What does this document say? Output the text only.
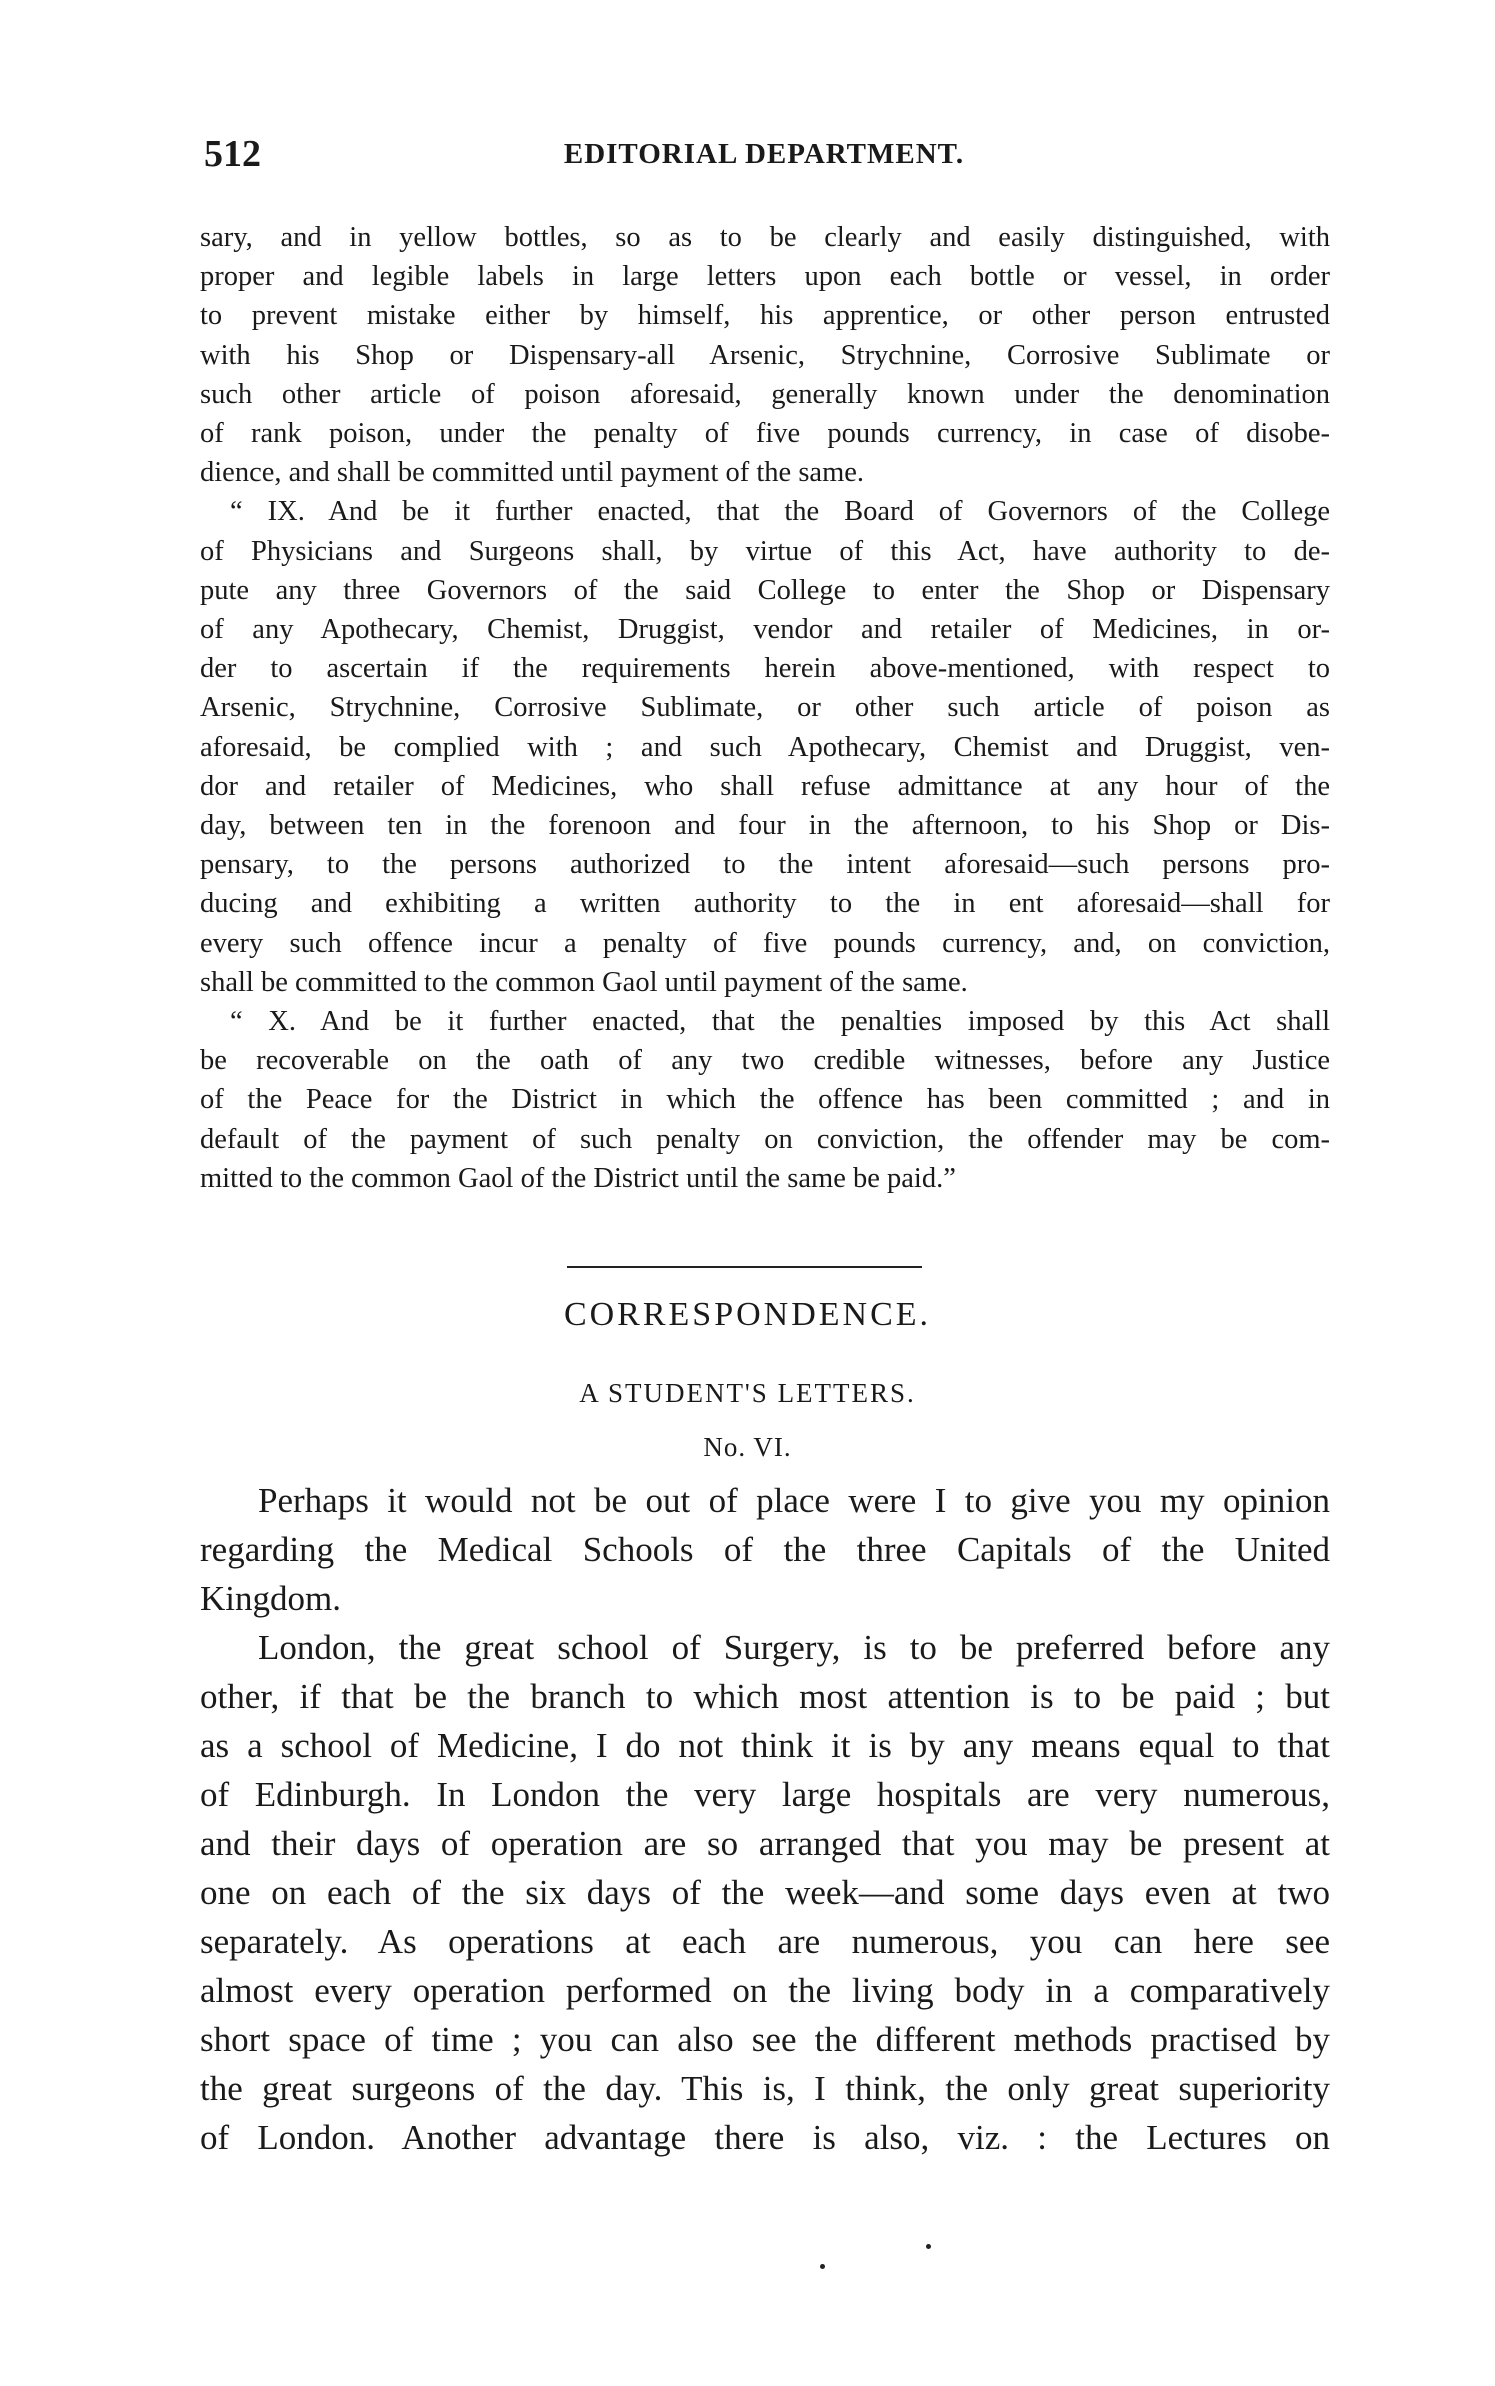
512	EDITORIAL DEPARTMENT.

sary, and in yellow bottles, so as to be clearly and easily distinguished, with

proper and legible labels in large letters upon each bottle or vessel, in order

to prevent mistake either by himself, his apprentice, or other person entrusted

with his Shop or Dispensary-all Arsenic, Strychnine, Corrosive Sublimate or

such other article of poison aforesaid, generally known under the denomination

of rank poison, under the penalty of five pounds currency, in case of disobe-

dience, and shall be committed until payment of the same.

“ IX. And be it further enacted, that the Board of Governors of the College

of Physicians and Surgeons shall, by virtue of this Act, have authority to de-

pute any three Governors of the said College to enter the Shop or Dispensary

of any Apothecary, Chemist, Druggist, vendor and retailer of Medicines, in or-

der to ascertain if the requirements herein above-mentioned, with respect to

Arsenic, Strychnine, Corrosive Sublimate, or other such article of poison as

aforesaid, be complied with ; and such Apothecary, Chemist and Druggist, ven-

dor and retailer of Medicines, who shall refuse admittance at any hour of the

day, between ten in the forenoon and four in the afternoon, to his Shop or Dis-

pensary, to the persons authorized to the intent aforesaid—such persons pro-

ducing and exhibiting a written authority to the in ent aforesaid—shall for

every such offence incur a penalty of five pounds currency, and, on conviction,

shall be committed to the common Gaol until payment of the same.

“ X. And be it further enacted, that the penalties imposed by this Act shall

be recoverable on the oath of any two credible witnesses, before any Justice

of the Peace for the District in which the offence has been committed ; and in

default of the payment of such penalty on conviction, the offender may be com-

mitted to the common Gaol of the District until the same be paid.”

CORRESPONDENCE.
A STUDENT'S LETTERS.
No. VI.

Perhaps it would not be out of place were I to give you my opinion

regarding the Medical Schools of the three Capitals of the United

Kingdom.

London, the great school of Surgery, is to be preferred before any

other, if that be the branch to which most attention is to be paid ; but

as a school of Medicine, I do not think it is by any means equal to that

of Edinburgh. In London the very large hospitals are very numerous,

and their days of operation are so arranged that you may be present at

one on each of the six days of the week—and some days even at two

separately. As operations at each are numerous, you can here see

almost every operation performed on the living body in a comparatively

short space of time ; you can also see the different methods practised by

the great surgeons of the day. This is, I think, the only great superiority

of London. Another advantage there is also, viz. : the Lectures on
